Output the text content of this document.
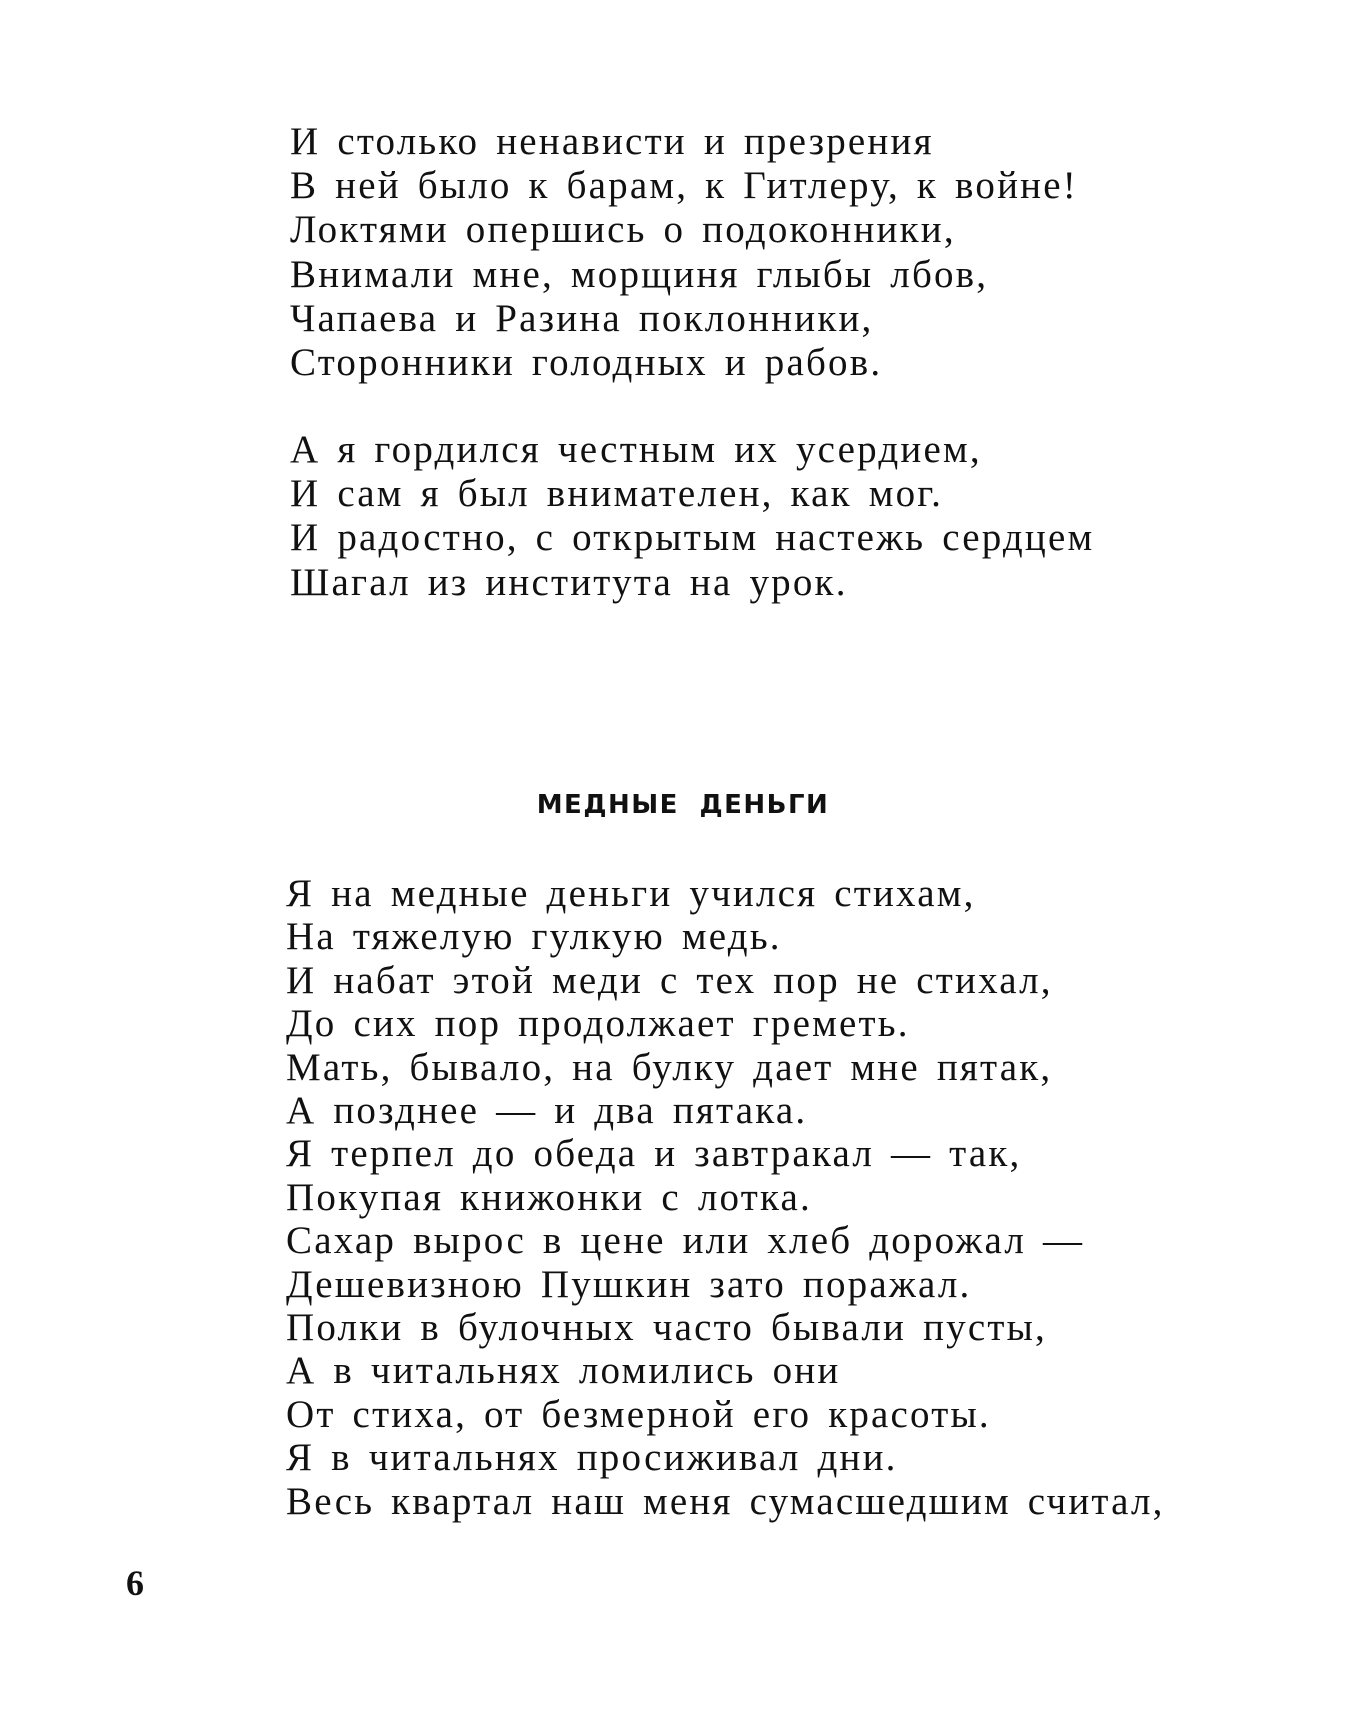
И столько ненависти и презрения
В ней было к барам, к Гитлеру, к войне!
Локтями опершись о подоконники,
Внимали мне, морщиня глыбы лбов,
Чапаева и Разина поклонники,
Сторонники голодных и рабов.
А я гордился честным их усердием,
И сам я был внимателен, как мог.
И радостно, с открытым настежь сердцем
Шагал из института на урок.
МЕДНЫЕ ДЕНЬГИ
Я на медные деньги учился стихам,
На тяжелую гулкую медь.
И набат этой меди с тех пор не стихал,
До сих пор продолжает греметь.
Мать, бывало, на булку дает мне пятак,
А позднее — и два пятака.
Я терпел до обеда и завтракал — так,
Покупая книжонки с лотка.
Сахар вырос в цене или хлеб дорожал —
Дешевизною Пушкин зато поражал.
Полки в булочных часто бывали пусты,
А в читальнях ломились они
От стиха, от безмерной его красоты.
Я в читальнях просиживал дни.
Весь квартал наш меня сумасшедшим считал,
6
